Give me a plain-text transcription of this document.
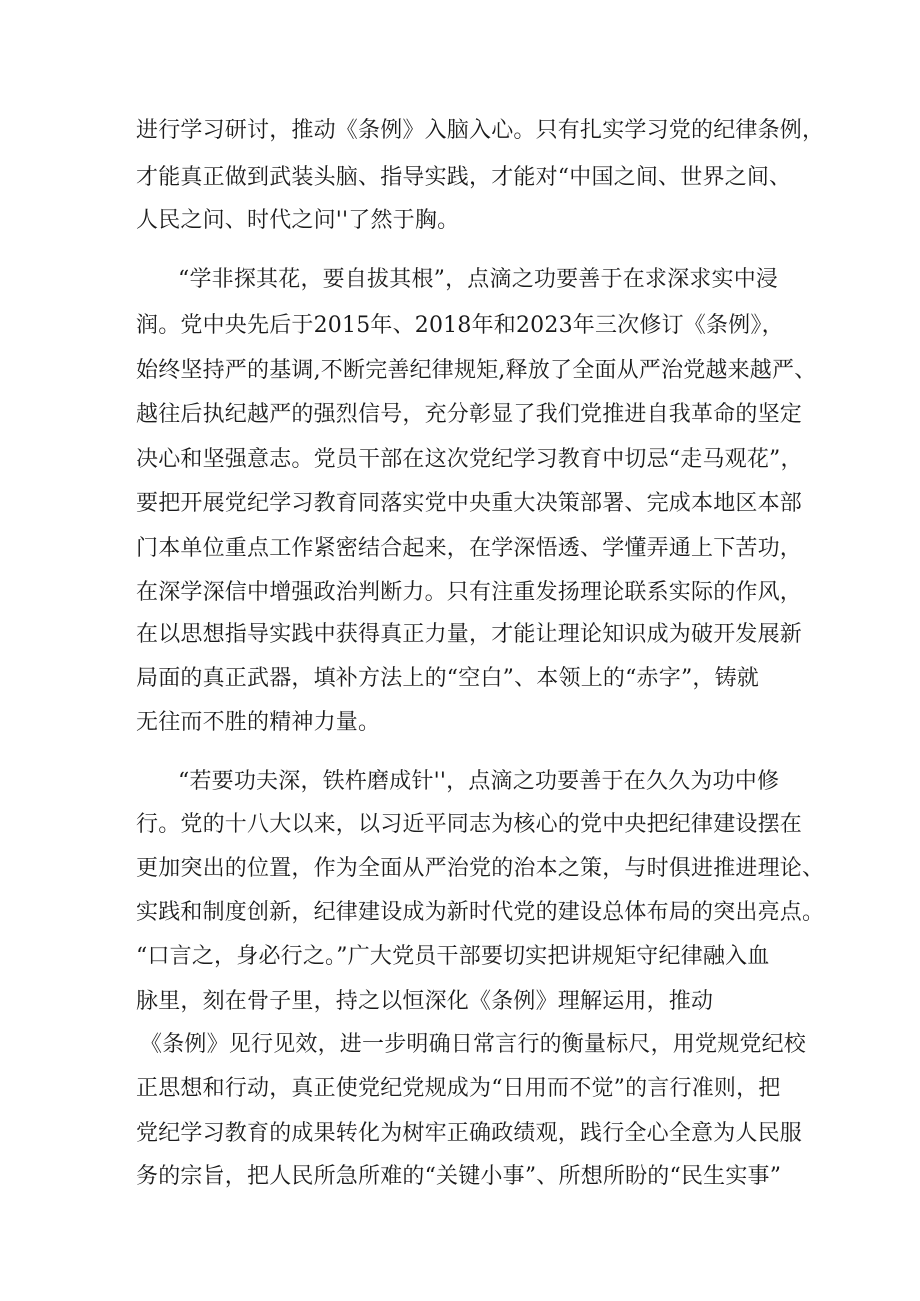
进行学习研讨，推动《条例》入脑入心。只有扎实学习党的纪律条例，
才能真正做到武装头脑、指导实践，才能对“中国之间、世界之间、
人民之问、时代之问''了然于胸。
“学非探其花，要自拔其根”，点滴之功要善于在求深求实中浸
润。党中央先后于2015年、2018年和2023年三次修订《条例》，
始终坚持严的基调,不断完善纪律规矩,释放了全面从严治党越来越严、
越往后执纪越严的强烈信号，充分彰显了我们党推进自我革命的坚定
决心和坚强意志。党员干部在这次党纪学习教育中切忌“走马观花”，
要把开展党纪学习教育同落实党中央重大决策部署、完成本地区本部
门本单位重点工作紧密结合起来，在学深悟透、学懂弄通上下苦功，
在深学深信中增强政治判断力。只有注重发扬理论联系实际的作风，
在以思想指导实践中获得真正力量，才能让理论知识成为破开发展新
局面的真正武器，填补方法上的“空白”、本领上的“赤字”，铸就
无往而不胜的精神力量。
“若要功夫深，铁杵磨成针''，点滴之功要善于在久久为功中修
行。党的十八大以来，以习近平同志为核心的党中央把纪律建设摆在
更加突出的位置，作为全面从严治党的治本之策，与时俱进推进理论、
实践和制度创新，纪律建设成为新时代党的建设总体布局的突出亮点。
“口言之，身必行之。”广大党员干部要切实把讲规矩守纪律融入血
脉里，刻在骨子里，持之以恒深化《条例》理解运用，推动
《条例》见行见效，进一步明确日常言行的衡量标尺，用党规党纪校
正思想和行动，真正使党纪党规成为“日用而不觉”的言行准则，把
党纪学习教育的成果转化为树牢正确政绩观，践行全心全意为人民服
务的宗旨，把人民所急所难的“关键小事”、所想所盼的“民生实事”
